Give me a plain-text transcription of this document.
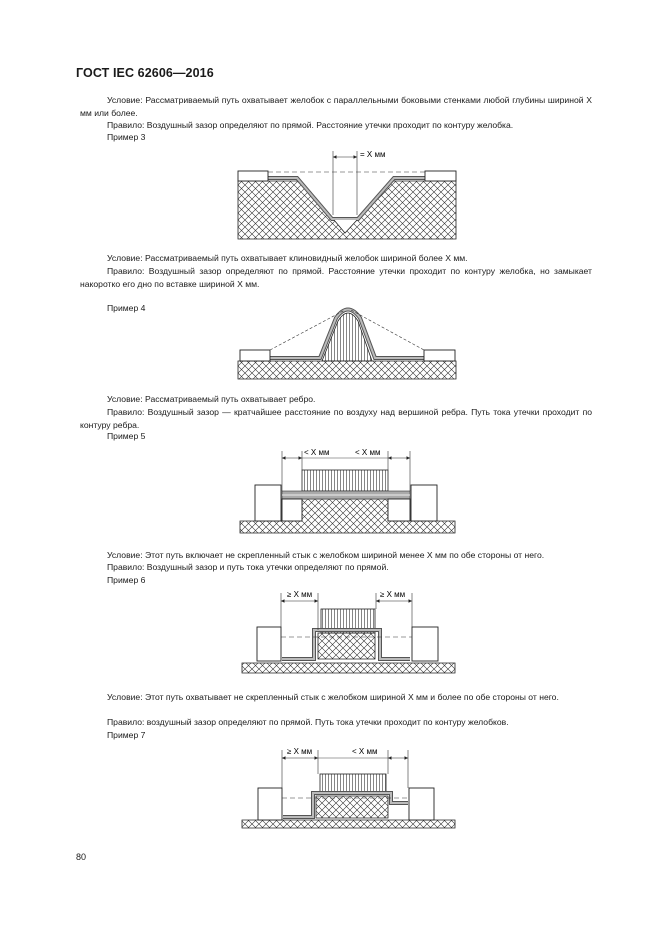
ГОСТ IEC 62606—2016

Условие: Рассматриваемый путь охватывает желобок с параллельными боковыми стенками любой глубины шириной X мм или более.

Правило: Воздушный зазор определяют по прямой. Расстояние утечки проходит по контуру желобка.

Пример 3

= X мм

Условие: Рассматриваемый путь охватывает клиновидный желобок шириной более X мм.

Правило: Воздушный зазор определяют по прямой. Расстояние утечки проходит по контуру желобка, но замыкает накоротко его дно по вставке шириной X мм.

Пример 4

Условие: Рассматриваемый путь охватывает ребро.

Правило: Воздушный зазор — кратчайшее расстояние по воздуху над вершиной ребра. Путь тока утечки проходит по контуру ребра.

Пример 5

< X мм	< X мм

Условие: Этот путь включает не скрепленный стык с желобком шириной менее X мм по обе стороны от него.

Правило: Воздушный зазор и путь тока утечки определяют по прямой.

Пример 6

≥ X мм	≥ X мм

Условие: Этот путь охватывает не скрепленный стык с желобком шириной X мм и более по обе стороны от него.

Правило: воздушный зазор определяют по прямой. Путь тока утечки проходит по контуру желобков.

Пример 7

≥ X мм	< X мм
80
